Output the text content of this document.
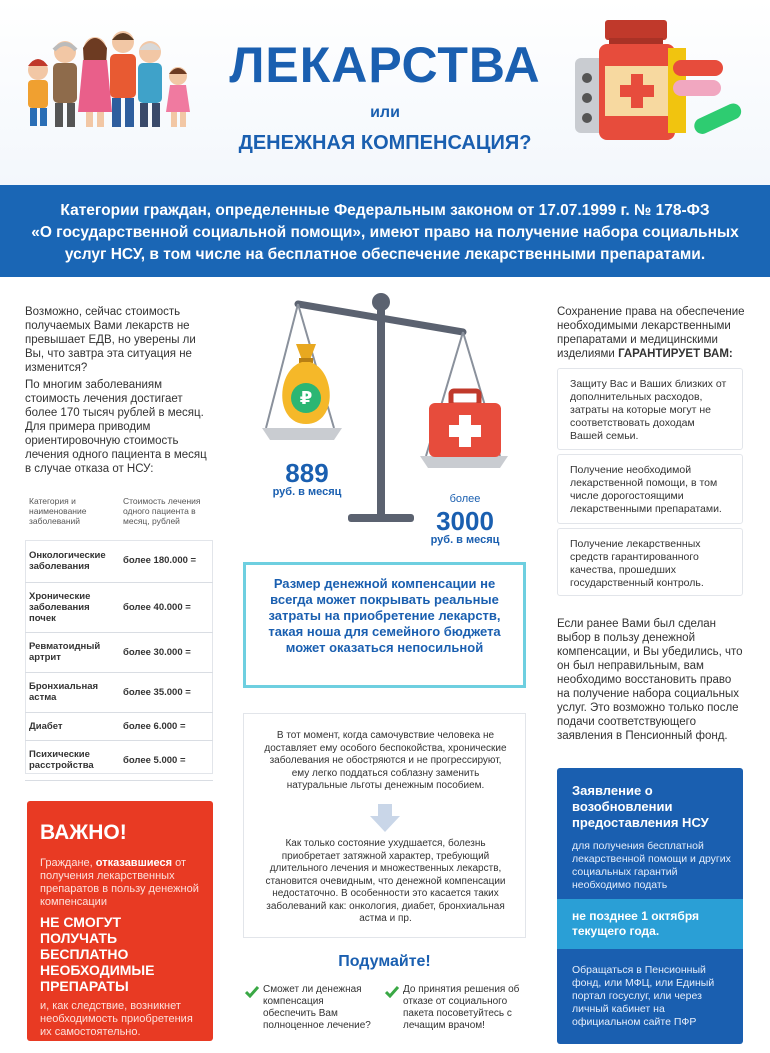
ЛЕКАРСТВА
или
ДЕНЕЖНАЯ КОМПЕНСАЦИЯ?
Категории граждан, определенные Федеральным законом от 17.07.1999 г. № 178-ФЗ
«О государственной социальной помощи», имеют право на получение набора социальных
услуг НСУ, в том числе на бесплатное обеспечение лекарственными препаратами.
Возможно, сейчас стоимость получаемых Вами лекарств не превышает ЕДВ, но уверены ли Вы, что завтра эта ситуация не изменится?
По многим заболеваниям стоимость лечения достигает более 170 тысяч рублей в месяц. Для примера приводим ориентировочную стоимость лечения одного пациента в месяц в случае отказа от НСУ:
Категория и наименование заболеваний	Стоимость лечения одного пациента в месяц, рублей
Онкологические заболевания	более 180.000 =
Хронические заболевания почек	более 40.000 =
Ревматоидный артрит	более 30.000 =
Бронхиальная астма	более 35.000 =
Диабет	более 6.000 =
Психические расстройства	более 5.000 =
ВАЖНО!
Граждане, отказавшиеся от получения лекарственных препаратов в пользу денежной компенсации
НЕ СМОГУТ ПОЛУЧАТЬ БЕСПЛАТНО НЕОБХОДИМЫЕ ПРЕПАРАТЫ
и, как следствие, возникнет необходимость приобретения их самостоятельно.
₽
889
руб. в месяц
более
3000
руб. в месяц
Размер денежной компенсации не всегда может покрывать реальные затраты на приобретение лекарств, такая ноша для семейного бюджета может оказаться непосильной
В тот момент, когда самочувствие человека не доставляет ему особого беспокойства, хронические заболевания не обостряются и не прогрессируют, ему легко поддаться соблазну заменить натуральные льготы денежным пособием.
Как только состояние ухудшается, болезнь приобретает затяжной характер, требующий длительного лечения и множественных лекарств, становится очевидным, что денежной компенсации недостаточно. В особенности это касается таких заболеваний как: онкология, диабет, бронхиальная астма и пр.
Подумайте!
Сможет ли денежная компенсация обеспечить Вам полноценное лечение?
До принятия решения об отказе от социального пакета посоветуйтесь с лечащим врачом!
Сохранение права на обеспечение необходимыми лекарственными препаратами и медицинскими изделиями ГАРАНТИРУЕТ ВАМ:
Защиту Вас и Ваших близких от дополнительных расходов, затраты на которые могут не соответствовать доходам Вашей семьи.
Получение необходимой лекарственной помощи, в том числе дорогостоящими лекарственными препаратами.
Получение лекарственных средств гарантированного качества, прошедших государственный контроль.
Если ранее Вами был сделан выбор в пользу денежной компенсации, и Вы убедились, что он был неправильным, вам необходимо восстановить право на получение набора социальных услуг. Это возможно только после подачи соответствующего заявления в Пенсионный фонд.
Заявление о возобновлении предоставления НСУ
для получения бесплатной лекарственной помощи и других социальных гарантий необходимо подать
не позднее 1 октября текущего года.
Обращаться в Пенсионный фонд, или МФЦ, или Единый портал госуслуг, или через личный кабинет на официальном сайте ПФР
